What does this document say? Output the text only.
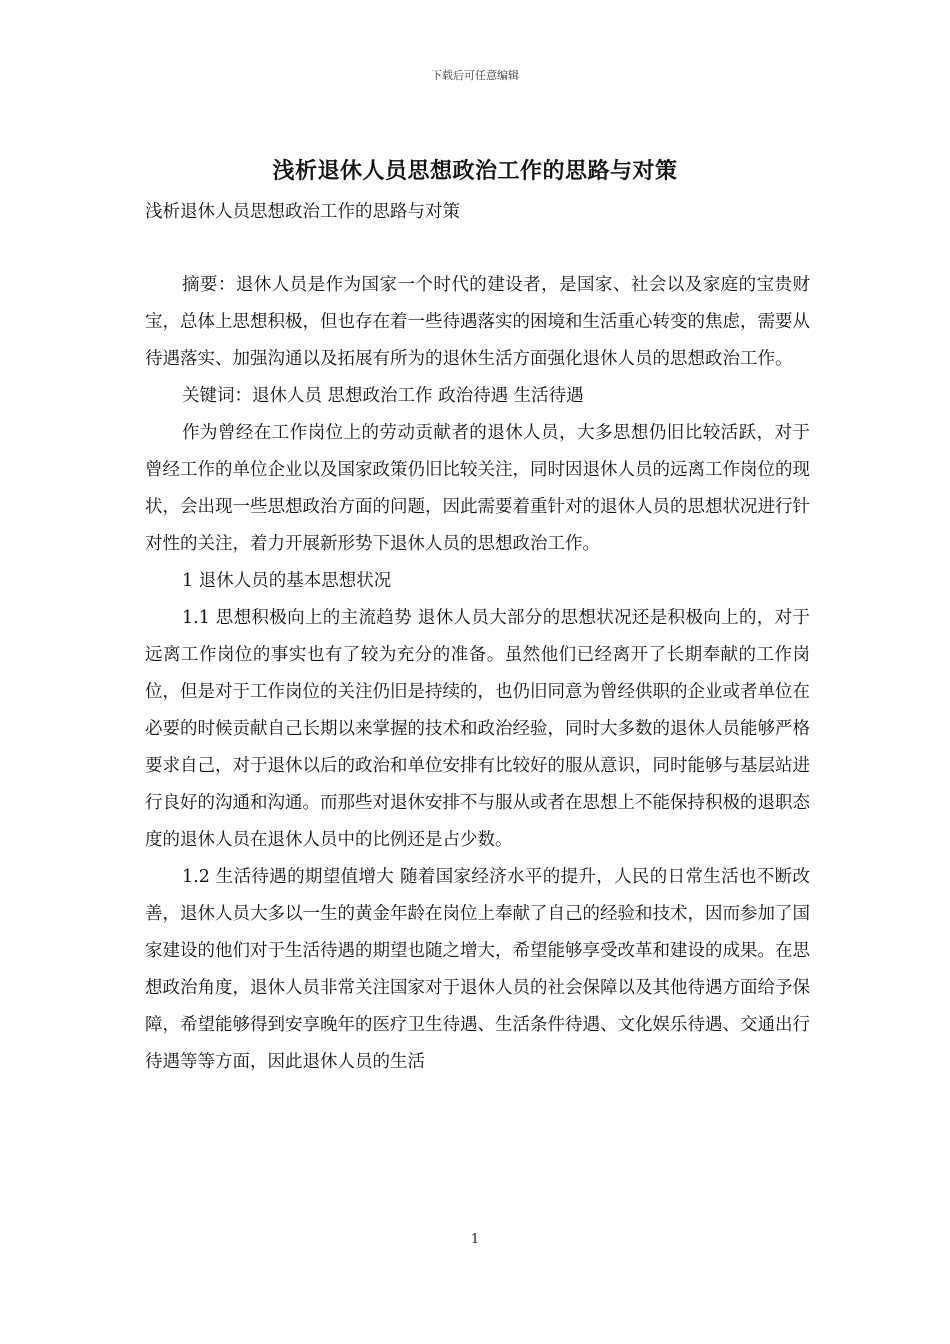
下载后可任意编辑
浅析退休人员思想政治工作的思路与对策
浅析退休人员思想政治工作的思路与对策

摘要：退休人员是作为国家一个时代的建设者，是国家、社会以及家庭的宝贵财宝，总体上思想积极，但也存在着一些待遇落实的困境和生活重心转变的焦虑，需要从待遇落实、加强沟通以及拓展有所为的退休生活方面强化退休人员的思想政治工作。

关键词：退休人员 思想政治工作 政治待遇 生活待遇

作为曾经在工作岗位上的劳动贡献者的退休人员，大多思想仍旧比较活跃，对于曾经工作的单位企业以及国家政策仍旧比较关注，同时因退休人员的远离工作岗位的现状，会出现一些思想政治方面的问题，因此需要着重针对的退休人员的思想状况进行针对性的关注，着力开展新形势下退休人员的思想政治工作。

1 退休人员的基本思想状况

1.1 思想积极向上的主流趋势 退休人员大部分的思想状况还是积极向上的，对于远离工作岗位的事实也有了较为充分的准备。虽然他们已经离开了长期奉献的工作岗位，但是对于工作岗位的关注仍旧是持续的，也仍旧同意为曾经供职的企业或者单位在必要的时候贡献自己长期以来掌握的技术和政治经验，同时大多数的退休人员能够严格要求自己，对于退休以后的政治和单位安排有比较好的服从意识，同时能够与基层站进行良好的沟通和沟通。而那些对退休安排不与服从或者在思想上不能保持积极的退职态度的退休人员在退休人员中的比例还是占少数。

1.2 生活待遇的期望值增大 随着国家经济水平的提升，人民的日常生活也不断改善，退休人员大多以一生的黄金年龄在岗位上奉献了自己的经验和技术，因而参加了国家建设的他们对于生活待遇的期望也随之增大，希望能够享受改革和建设的成果。在思想政治角度，退休人员非常关注国家对于退休人员的社会保障以及其他待遇方面给予保障，希望能够得到安享晚年的医疗卫生待遇、生活条件待遇、文化娱乐待遇、交通出行待遇等等方面，因此退休人员的生活

1
